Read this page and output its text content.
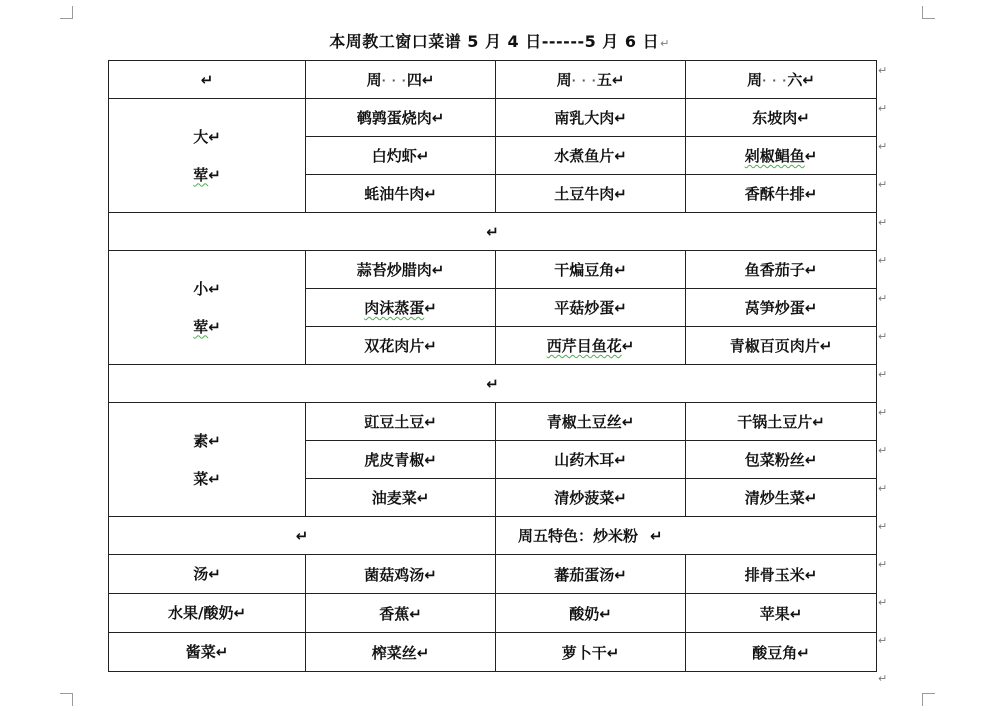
本周教工窗口菜谱 5 月 4 日------5 月 6 日↵
↵	周· · ·四↵	周· · ·五↵	周· · ·六↵

大↵
荤↵	鹌鹑蛋烧肉↵	南乳大肉↵	东坡肉↵
	白灼虾↵	水煮鱼片↵	剁椒鲳鱼↵
	蚝油牛肉↵	土豆牛肉↵	香酥牛排↵
↵			

小↵
荤↵	蒜苔炒腊肉↵	干煸豆角↵	鱼香茄子↵
	肉沫蒸蛋↵	平菇炒蛋↵	莴笋炒蛋↵
	双花肉片↵	西芹目鱼花↵	青椒百页肉片↵
↵			

素↵
菜↵	豇豆土豆↵	青椒土豆丝↵	干锅土豆片↵
	虎皮青椒↵	山药木耳↵	包菜粉丝↵
	油麦菜↵	清炒菠菜↵	清炒生菜↵
↵		周五特色：炒米粉 ↵	
汤↵	菌菇鸡汤↵	蕃茄蛋汤↵	排骨玉米↵
水果/酸奶↵	香蕉↵	酸奶↵	苹果↵
酱菜↵	榨菜丝↵	萝卜干↵	酸豆角↵
↵
↵
↵
↵
↵
↵
↵
↵
↵
↵
↵
↵
↵
↵
↵
↵
↵
